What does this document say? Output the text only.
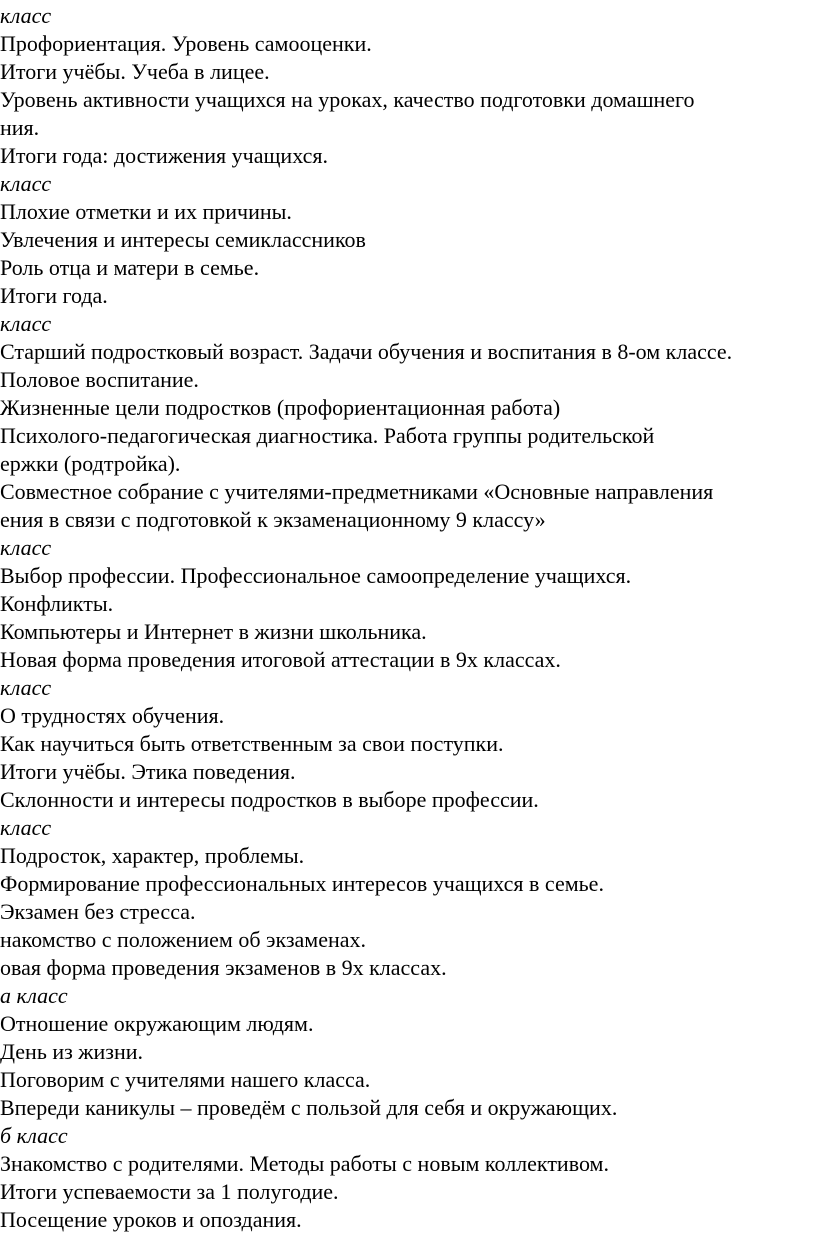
класс
Профориентация. Уровень самооценки.
Итоги учёбы. Учеба в лицее.
Уровень активности учащихся на уроках, качество подготовки домашнего
ния.
Итоги года: достижения учащихся.
класс
Плохие отметки и их причины.
Увлечения и интересы семиклассников
Роль отца и матери в семье.
Итоги года.
класс
Старший подростковый возраст. Задачи обучения и воспитания в 8-ом классе.
Половое воспитание.
Жизненные цели подростков (профориентационная работа)
Психолого-педагогическая диагностика. Работа группы родительской
ержки (родтройка).
Совместное собрание с учителями-предметниками «Основные направления
ения в связи с подготовкой к экзаменационному 9 классу»
класс
Выбор профессии. Профессиональное самоопределение учащихся.
Конфликты.
Компьютеры и Интернет в жизни школьника.
Новая форма проведения итоговой аттестации в 9х классах.
класс
О трудностях обучения.
Как научиться быть ответственным за свои поступки.
Итоги учёбы. Этика поведения.
Склонности и интересы подростков в выборе профессии.
класс
Подросток, характер, проблемы.
Формирование профессиональных интересов учащихся в семье.
Экзамен без стресса.
накомство с положением об экзаменах.
овая форма проведения экзаменов в 9х классах.
а класс
Отношение окружающим людям.
День из жизни.
Поговорим с учителями нашего класса.
Впереди каникулы – проведём с пользой для себя и окружающих.
б класс
Знакомство с родителями. Методы работы с новым коллективом.
Итоги успеваемости за 1 полугодие.
Посещение уроков и опоздания.
